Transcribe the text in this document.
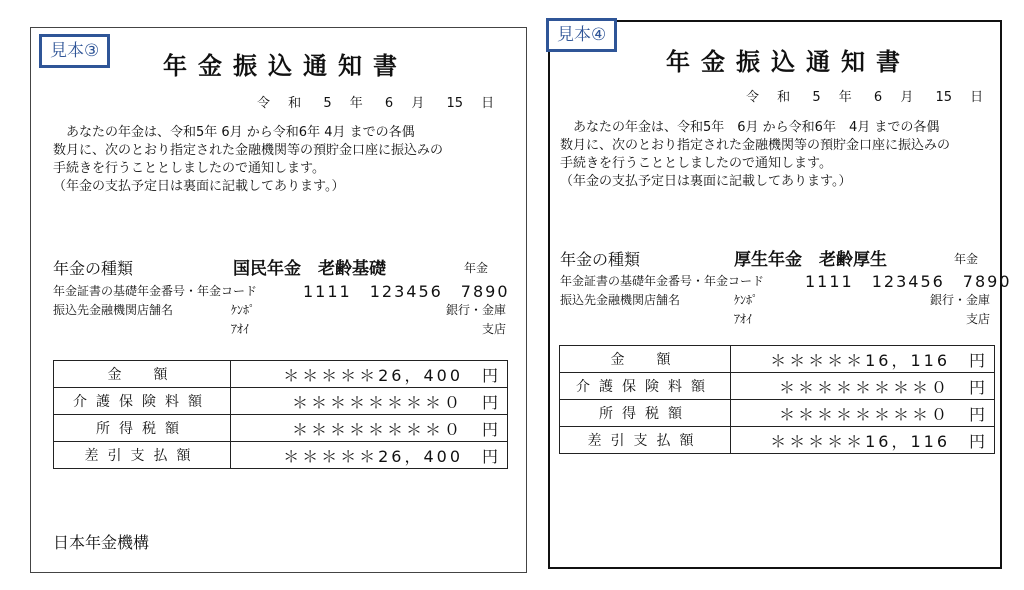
見本③
年金振込通知書
令 和 5 年 6 月 15 日

　あなたの年金は、令和5年 6月 から令和6年 4月 までの各偶

数月に、次のとおり指定された金融機関等の預貯金口座に振込みの

手続きを行うこととしましたので通知します。

（年金の支払予定日は裏面に記載してあります。）

年金の種類	国民年金　老齢基礎	年金
年金証書の基礎年金番号・年金コード	1111　123456　7890
振込先金融機関店舗名	ｹﾝﾎﾟ	銀行・金庫
ｱｵｲ	支店
金　額	＊＊＊＊＊26，400　円
介護保険料額	＊＊＊＊＊＊＊＊０　円
所得税額	＊＊＊＊＊＊＊＊０　円
差引支払額	＊＊＊＊＊26，400　円
日本年金機構
見本④
年金振込通知書
令 和 5 年 6 月 15 日

　あなたの年金は、令和5年　6月 から令和6年　4月 までの各偶

数月に、次のとおり指定された金融機関等の預貯金口座に振込みの

手続きを行うこととしましたので通知します。

（年金の支払予定日は裏面に記載してあります。）

年金の種類	厚生年金　老齢厚生	年金
年金証書の基礎年金番号・年金コード	1111　123456　7890
振込先金融機関店舗名	ｹﾝﾎﾟ	銀行・金庫
ｱｵｲ	支店
金　額	＊＊＊＊＊16，116　円
介護保険料額	＊＊＊＊＊＊＊＊０　円
所得税額	＊＊＊＊＊＊＊＊０　円
差引支払額	＊＊＊＊＊16，116　円
